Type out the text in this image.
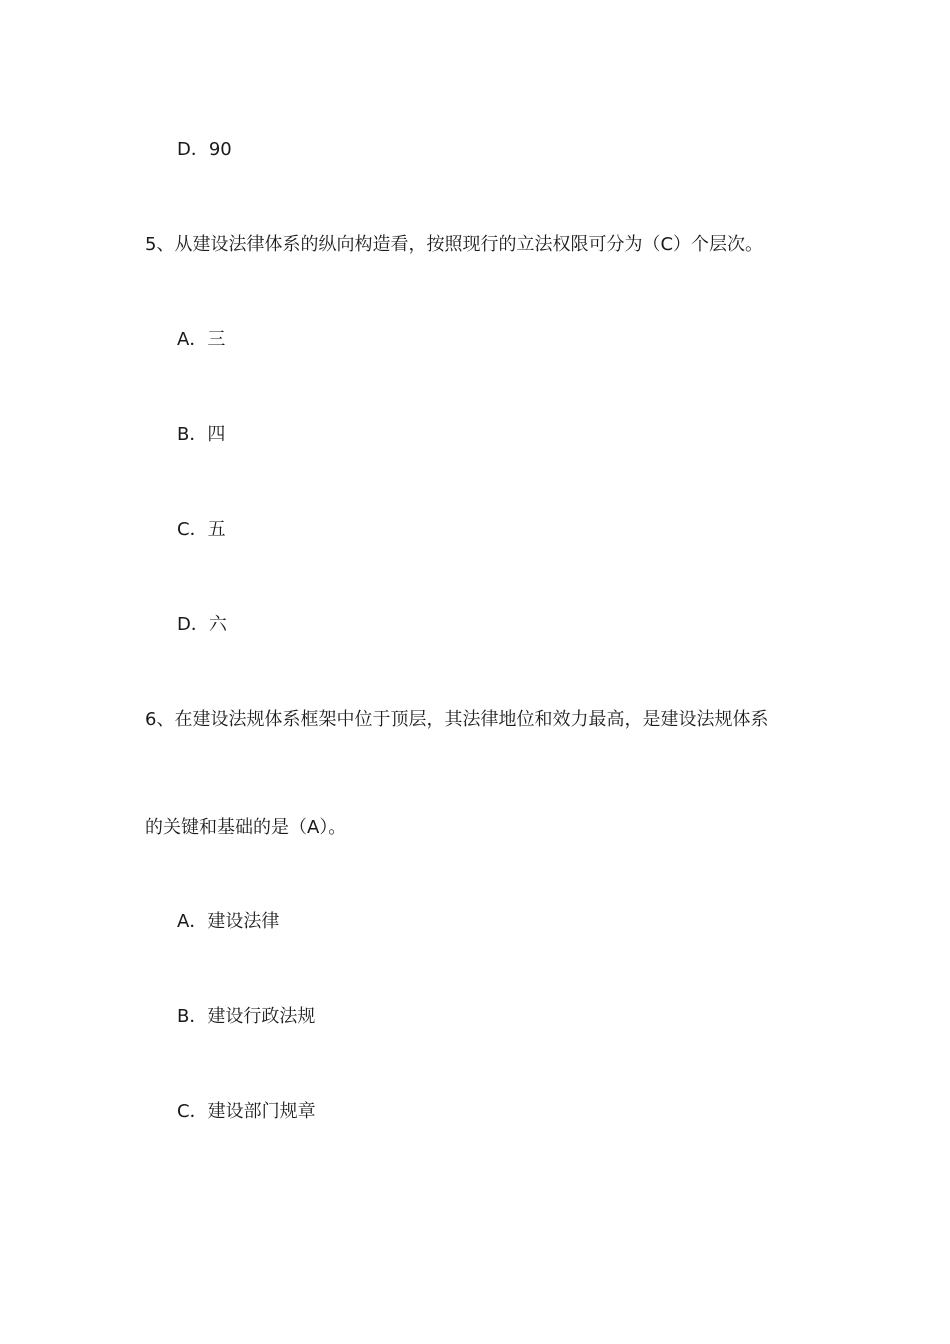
D．90
5、从建设法律体系的纵向构造看，按照现行的立法权限可分为（C）个层次。
A．三
B．四
C．五
D．六
6、在建设法规体系框架中位于顶层，其法律地位和效力最高，是建设法规体系
的关键和基础的是（A）。
A．建设法律
B．建设行政法规
C．建设部门规章
